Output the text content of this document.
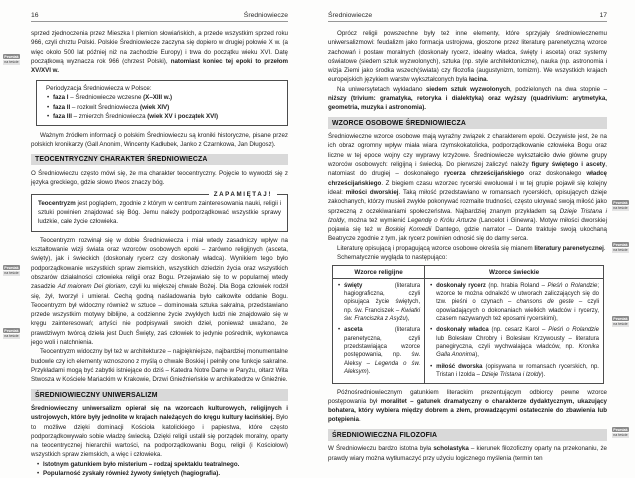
16	Średniowiecze
sprzed zjednoczenia przez Mieszka I plemion słowiańskich, a przede wszystkim sprzed roku 966, czyli chrztu Polski. Polskie Średniowiecze zaczyna się dopiero w drugiej połowie X w. (a więc około 500 lat później niż na zachodzie Europy) i trwa do początku wieku XVI. Datę początkową wyznacza rok 966 (chrzest Polski), natomiast koniec tej epoki to przełom XV/XVI w.
Periodyzacja Średniowiecza w Polsce:
• faza I – Średniowiecze wczesne (X–XIII w.)
• faza II – rozkwit Średniowiecza (wiek XIV)
• faza III – zmierzch Średniowiecza (wiek XV i początek XVI)
Ważnym źródłem informacji o polskim Średniowieczu są kroniki historyczne, pisane przez polskich kronikarzy (Gall Anonim, Wincenty Kadłubek, Janko z Czarnkowa, Jan Długosz).
TEOCENTRYCZNY CHARAKTER ŚREDNIOWIECZA
O Średniowieczu często mówi się, że ma charakter teocentryczny. Pojęcie to wywodzi się z języka greckiego, gdzie słowo theos znaczy bóg.
ZAPAMIĘTAJ!
Teocentryzm jest poglądem, zgodnie z którym w centrum zainteresowania nauki, religii i sztuki powinien znajdować się Bóg. Jemu należy podporządkować wszystkie sprawy ludzkie, całe życie człowieka.
Teocentryzm rozwinął się w dobie Średniowiecza i miał wtedy zasadniczy wpływ na kształtowanie wizji świata oraz wzorców osobowych epoki – zarówno religijnych (asceta, święty), jak i świeckich (doskonały rycerz czy doskonały władca). Wynikiem tego było podporządkowanie wszystkich spraw ziemskich, wszystkich dziedzin życia oraz wszystkich obszarów działalności człowieka religii oraz Bogu. Przejawiało się to w popularnej wtedy zasadzie Ad maiorem Dei gloriam, czyli ku większej chwale Bożej. Dla Boga człowiek rodził się, żył, tworzył i umierał. Cechą godną naśladowania było całkowite oddanie Bogu. Teocentryzm był widoczny również w sztuce – dominowała sztuka sakralna, przedstawiano przede wszystkim motywy biblijne, a codzienne życie zwykłych ludzi nie znajdowało się w kręgu zainteresowań; artyści nie podpisywali swoich dzieł, ponieważ uważano, że prawdziwym twórcą dzieła jest Duch Święty, zaś człowiek to jedynie pośrednik, wykonawca jego woli i natchnienia.
Teocentryzm widoczny był też w architekturze – najpiękniejsze, najbardziej monumentalne budowle czy ich elementy wznoszono z myślą o chwale Boskiej i pełniły one funkcje sakralne. Przykładami mogą być zabytki istniejące do dziś – Katedra Notre Dame w Paryżu, ołtarz Wita Stwosza w Kościele Mariackim w Krakowie, Drzwi Gnieźnieńskie w archikatedrze w Gnieźnie.
ŚREDNIOWIECZNY UNIWERSALIZM
Średniowieczny uniwersalizm opierał się na wzorcach kulturowych, religijnych i ustrojowych, które były jednolite w krajach należących do kręgu kultury łacińskiej. Było to możliwe dzięki dominacji Kościoła katolickiego i papiestwa, które często podporządkowywało sobie władzę świecką. Dzięki religii ustalił się porządek moralny, oparty na teocentrycznej hierarchii wartości, na podporządkowaniu Bogu, religii (i Kościołowi) wszystkich spraw ziemskich, a więc i człowieka.
• Istotnym gatunkiem było misterium – rodzaj spektaklu teatralnego.
• Popularność zyskały również żywoty świętych (hagiografia).
Średniowiecze	17
Oprócz religii powszechne były też inne elementy, które sprzyjały średniowiecznemu uniwersalizmowi: feudalizm jako formacja ustrojowa, głoszone przez literaturę parenetyczną wzorce zachowań i postaw moralnych (doskonały rycerz, idealny władca, święty i asceta) oraz systemy oświatowe (siedem sztuk wyzwolonych), sztuka (np. style architektoniczne), nauka (np. astronomia i wizja Ziemi jako środka wszech(świata) czy filozofia (augustynizm, tomizm). We wszystkich krajach europejskich językiem warstw wykształconych była łacina.
Na uniwersytetach wykładano siedem sztuk wyzwolonych, podzielonych na dwa stopnie – niższy (trivium: gramatyka, retoryka i dialektyka) oraz wyższy (quadrivium: arytmetyka, geometria, muzyka i astronomia).
WZORCE OSOBOWE ŚREDNIOWIECZA
Średniowieczne wzorce osobowe mają wyraźny związek z charakterem epoki. Oczywiste jest, że na ich obraz ogromny wpływ miała wiara rzymskokatolicka, podporządkowanie człowieka Bogu oraz liczne w tej epoce wojny czy wyprawy krzyżowe. Średniowiecze wykształciło dwie główne grupy wzorców osobowych: religijną i świecką. Do pierwszej zaliczyć należy figury świętego i ascety, natomiast do drugiej – doskonałego rycerza chrześcijańskiego oraz doskonałego władcę chrześcijańskiego. Z biegiem czasu wzorzec rycerski ewoluował i w tej grupie pojawił się kolejny ideał: miłości dworskiej. Taką miłość przedstawiano w romansach rycerskich, opisujących dzieje zakochanych, którzy musieli zwykle pokonywać rozmaite trudności, często ukrywać swoją miłość jako sprzeczną z oczekiwaniami społeczeństwa. Najbardziej znanym przykładem są Dzieje Tristana i Izoldy, można też wymienić Legendę o Królu Arturze (Lancelot i Ginewra). Motyw miłości dworskiej pojawia się też w Boskiej Komedii Dantego, gdzie narrator – Dante traktuje swoją ukochaną Beatrycze zgodnie z tym, jak rycerz powinien odnosić się do damy serca.
Literaturę opisującą i propagującą wzorce osobowe określa się mianem literatury parenetycznej.
Schematycznie wygląda to następująco:
Wzorce religijne	Wzorce świeckie

• święty (literatura hagiograficzna, czyli opisująca życie świętych, np. św. Franciszek – Kwiatki św. Franciszka z Asyżu),
• asceta (literatura parenetyczna, czyli przedstawiająca wzorce postępowania, np. św. Aleksy – Legenda o św. Aleksym).

• doskonały rycerz (np. hrabia Roland – Pieśń o Rolandzie; wzorce te można odnaleźć w utworach zaliczających się do tzw. pieśni o czynach – chansons de geste – czyli opowiadających o dokonaniach wielkich władców i rycerzy, czasem nazywanych też eposami rycerskimi),
• doskonały władca (np. cesarz Karol – Pieśń o Rolandzie lub Bolesław Chrobry i Bolesław Krzywousty – literatura panegiryczna, czyli wychwalająca władców, np. Kronika Galla Anonima),
• miłość dworska (opisywana w romansach rycerskich, np. Tristan i Izolda – Dzieje Tristana i Izoldy).
Późnośredniowiecznym gatunkiem literackim prezentującym odbiorcy pewne wzorce postępowania był moralitet – gatunek dramatyczny o charakterze dydaktycznym, ukazujący bohatera, który wybiera między dobrem a złem, prowadzącymi ostatecznie do zbawienia lub potępienia.
ŚREDNIOWIECZNA FILOZOFIA
W Średniowieczu bardzo istotna była scholastyka – kierunek filozoficzny oparty na przekonaniu, że prawdy wiary można wytłumaczyć przy użyciu logicznego myślenia (termin ten
Pewniak
na teście
Pewniak
na teście
Pewniak
na teście
Pewniak
na teście
Pewniak
na teście
Pewniak
na teście
Pewniak
na teście
